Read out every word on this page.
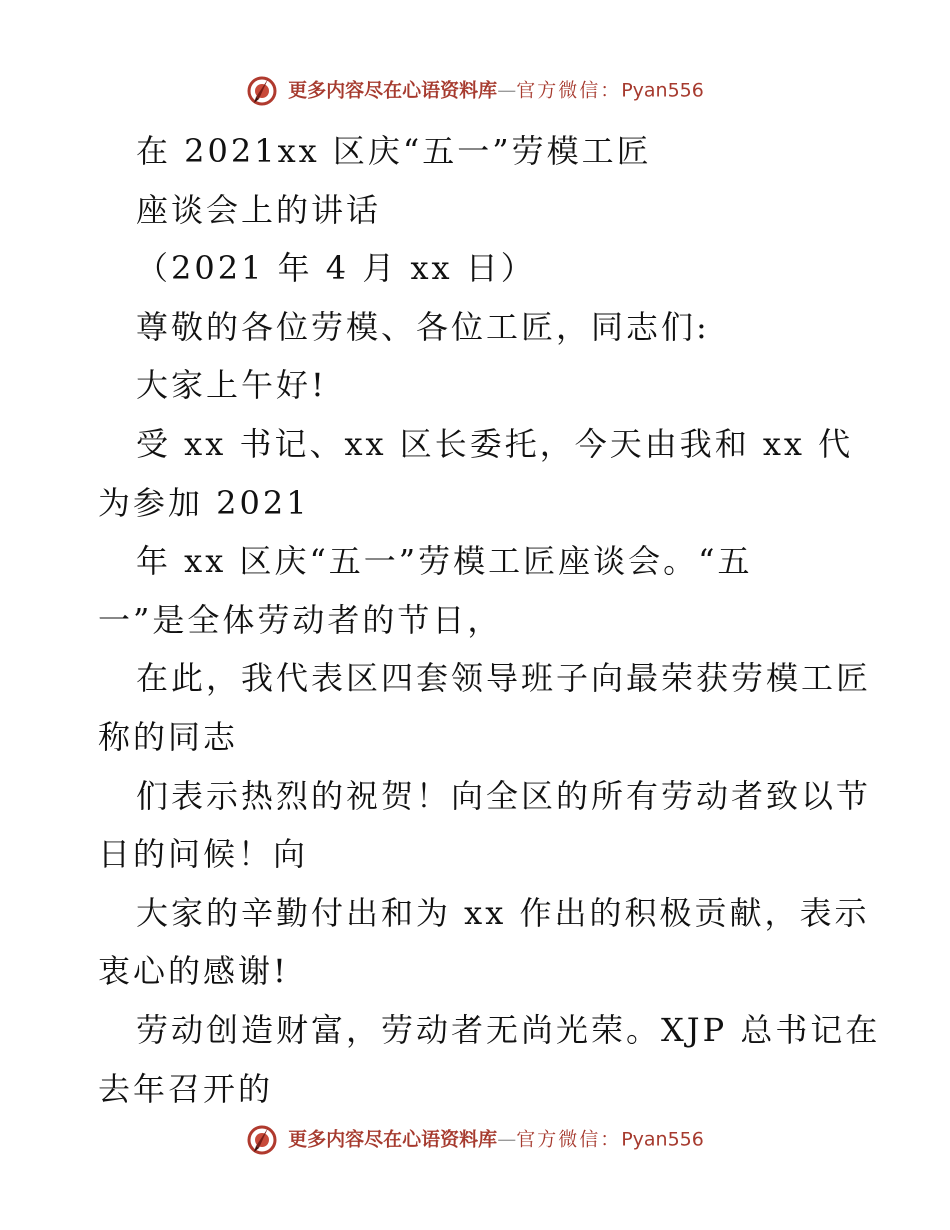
更多内容尽在心语资料库—官方微信：Pyan556
在 2021xx 区庆“五一”劳模工匠
座谈会上的讲话
（2021 年 4 月 xx 日）
尊敬的各位劳模、各位工匠，同志们:
大家上午好!
受 xx 书记、xx 区长委托，今天由我和 xx 代
为参加 2021
年 xx 区庆“五一”劳模工匠座谈会。“五
一”是全体劳动者的节日，
在此，我代表区四套领导班子向最荣获劳模工匠
称的同志
们表示热烈的祝贺！向全区的所有劳动者致以节
日的问候！向
大家的辛勤付出和为 xx 作出的积极贡献，表示
衷心的感谢!
劳动创造财富，劳动者无尚光荣。XJP 总书记在
去年召开的
更多内容尽在心语资料库—官方微信：Pyan556
